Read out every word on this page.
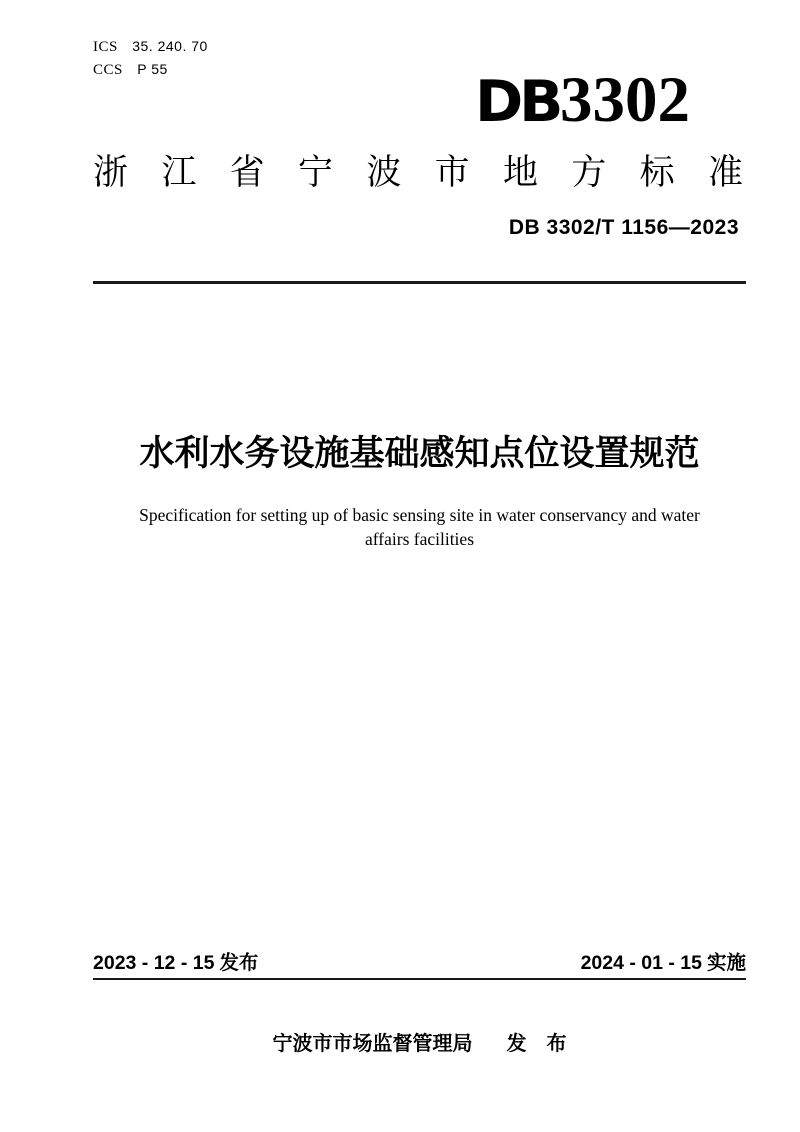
ICS 35. 240. 70
CCS P 55	DB 3302
浙 江 省 宁 波 市 地 方 标 准
DB 3302/T 1156—2023
水利水务设施基础感知点位设置规范
Specification for setting up of basic sensing site in water conservancy and water
affairs facilities
2023 - 12 - 15 发布	2024 - 01 - 15 实施
宁波市市场监督管理局 发　布
